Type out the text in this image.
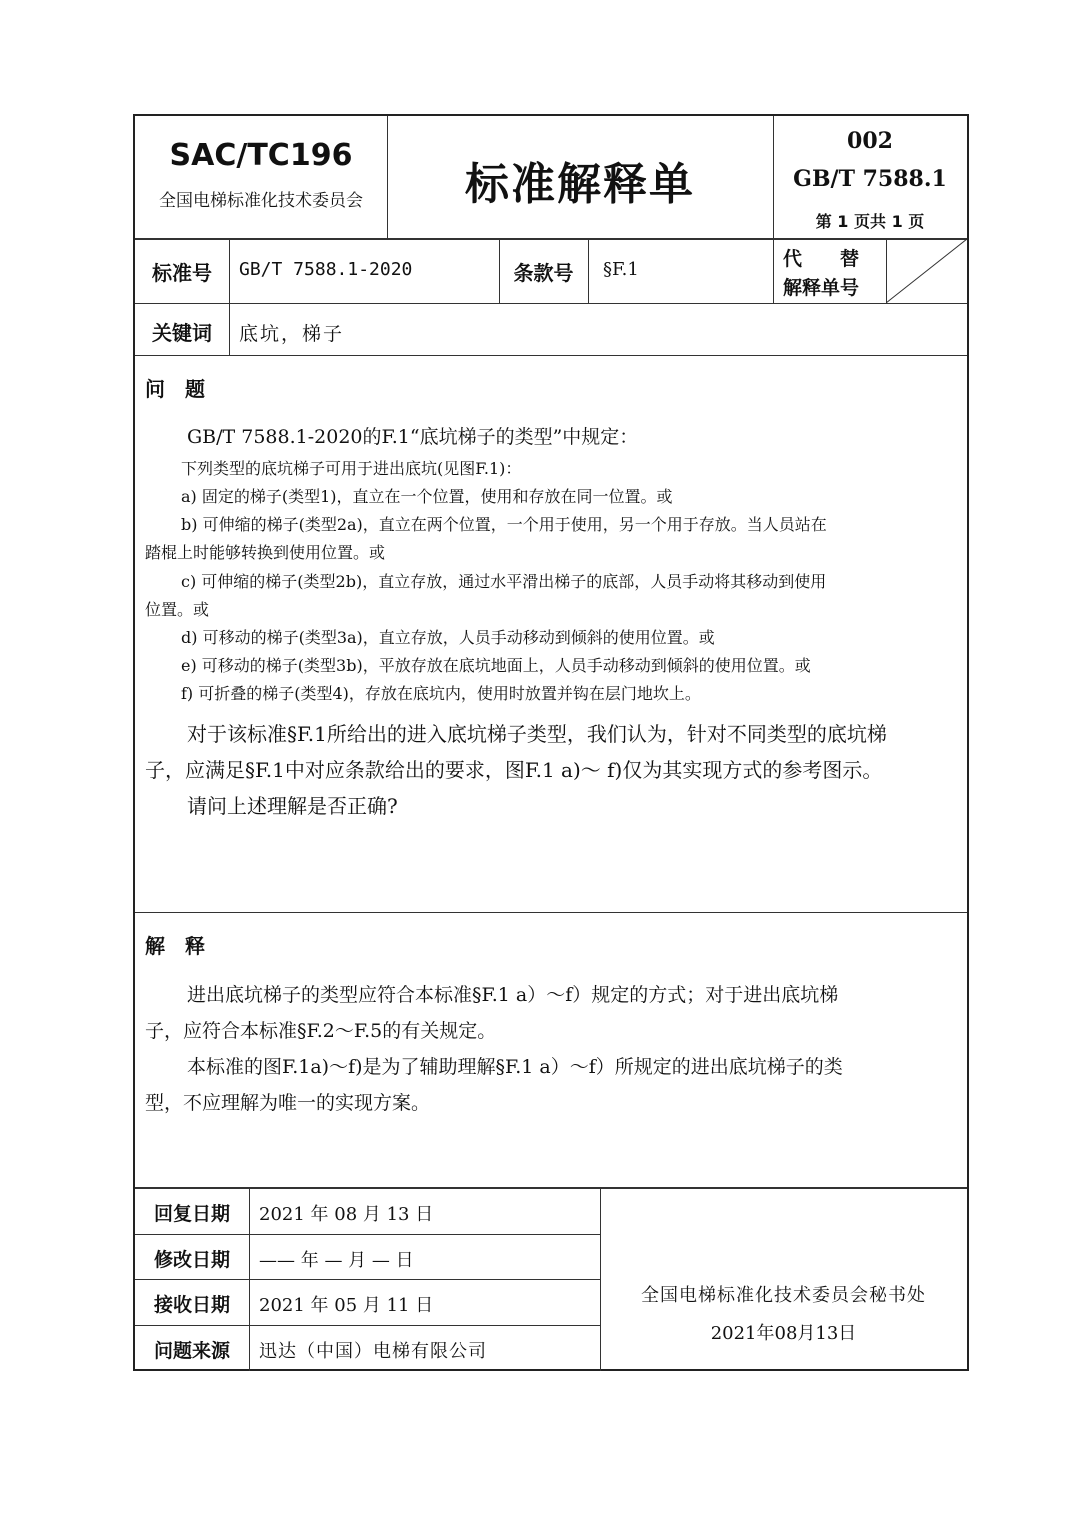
SAC/TC196
全国电梯标准化技术委员会	标准解释单
002
GB/T 7588.1
第 1 页共 1 页
标准号	GB/T 7588.1-2020	条款号	§F.1	代　　替
解释单号
关键词	底坑，梯子
问　题
GB/T 7588.1-2020的F.1“底坑梯子的类型”中规定：
下列类型的底坑梯子可用于进出底坑(见图F.1)：
a) 固定的梯子(类型1)，直立在一个位置，使用和存放在同一位置。或
b) 可伸缩的梯子(类型2a)，直立在两个位置，一个用于使用，另一个用于存放。当人员站在
踏棍上时能够转换到使用位置。或
c) 可伸缩的梯子(类型2b)，直立存放，通过水平滑出梯子的底部，人员手动将其移动到使用
位置。或
d) 可移动的梯子(类型3a)，直立存放，人员手动移动到倾斜的使用位置。或
e) 可移动的梯子(类型3b)，平放存放在底坑地面上，人员手动移动到倾斜的使用位置。或
f) 可折叠的梯子(类型4)，存放在底坑内，使用时放置并钩在层门地坎上。
对于该标准§F.1所给出的进入底坑梯子类型，我们认为，针对不同类型的底坑梯
子，应满足§F.1中对应条款给出的要求，图F.1 a)～ f)仅为其实现方式的参考图示。
请问上述理解是否正确?
解　释
进出底坑梯子的类型应符合本标准§F.1 a）～f）规定的方式；对于进出底坑梯
子，应符合本标准§F.2～F.5的有关规定。
本标准的图F.1a)～f)是为了辅助理解§F.1 a）～f）所规定的进出底坑梯子的类
型，不应理解为唯一的实现方案。
回复日期	2021 年 08 月 13 日
修改日期	—— 年 — 月 — 日
接收日期	2021 年 05 月 11 日
问题来源	迅达（中国）电梯有限公司
全国电梯标准化技术委员会秘书处
2021年08月13日
